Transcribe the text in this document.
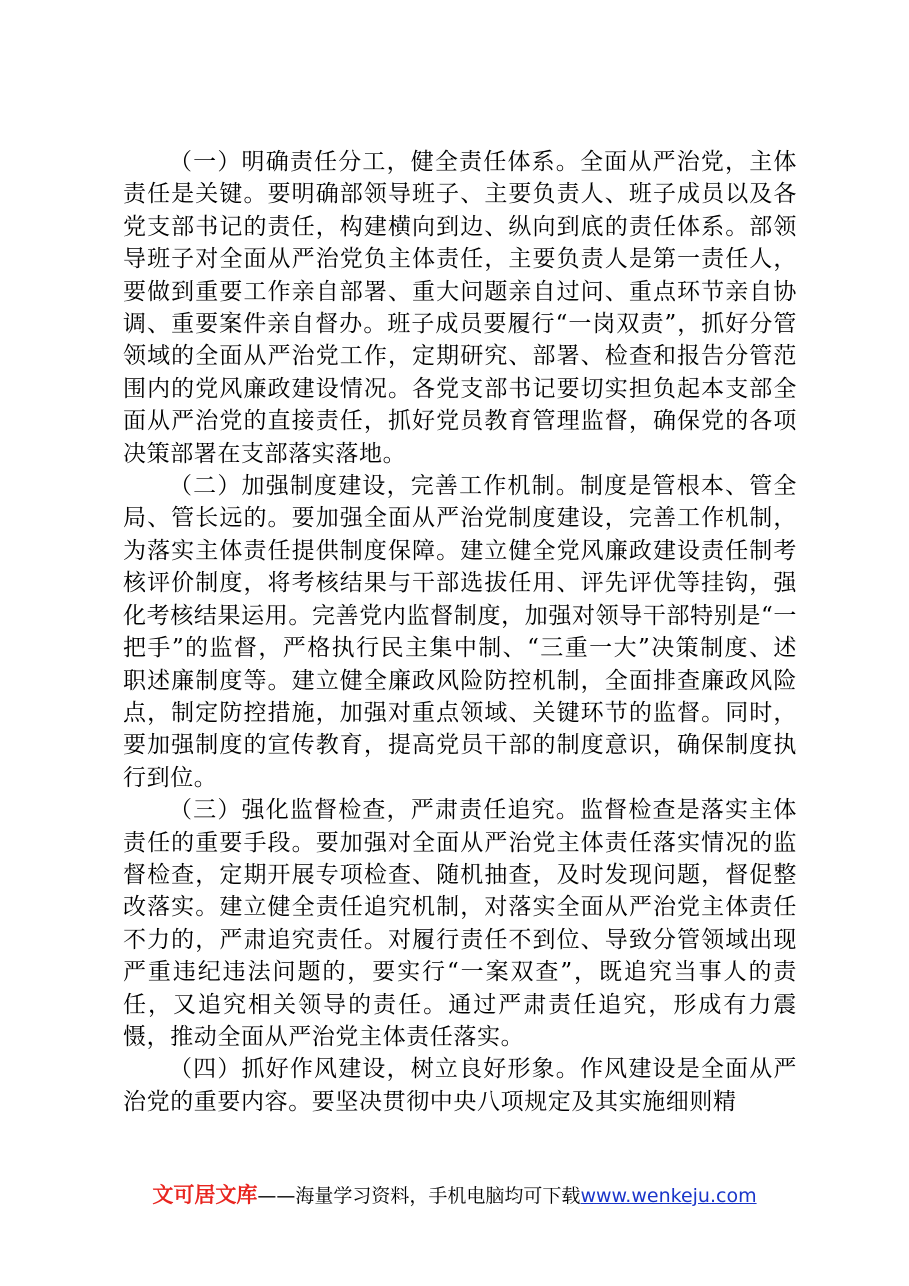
（一）明确责任分工，健全责任体系。全面从严治党，主体责任是关键。要明确部领导班子、主要负责人、班子成员以及各党支部书记的责任，构建横向到边、纵向到底的责任体系。部领导班子对全面从严治党负主体责任，主要负责人是第一责任人，要做到重要工作亲自部署、重大问题亲自过问、重点环节亲自协调、重要案件亲自督办。班子成员要履行“一岗双责”，抓好分管领域的全面从严治党工作，定期研究、部署、检查和报告分管范围内的党风廉政建设情况。各党支部书记要切实担负起本支部全面从严治党的直接责任，抓好党员教育管理监督，确保党的各项决策部署在支部落实落地。

（二）加强制度建设，完善工作机制。制度是管根本、管全局、管长远的。要加强全面从严治党制度建设，完善工作机制，为落实主体责任提供制度保障。建立健全党风廉政建设责任制考核评价制度，将考核结果与干部选拔任用、评先评优等挂钩，强化考核结果运用。完善党内监督制度，加强对领导干部特别是“一把手”的监督，严格执行民主集中制、“三重一大”决策制度、述职述廉制度等。建立健全廉政风险防控机制，全面排查廉政风险点，制定防控措施，加强对重点领域、关键环节的监督。同时，要加强制度的宣传教育，提高党员干部的制度意识，确保制度执行到位。

（三）强化监督检查，严肃责任追究。监督检查是落实主体责任的重要手段。要加强对全面从严治党主体责任落实情况的监督检查，定期开展专项检查、随机抽查，及时发现问题，督促整改落实。建立健全责任追究机制，对落实全面从严治党主体责任不力的，严肃追究责任。对履行责任不到位、导致分管领域出现严重违纪违法问题的，要实行“一案双查”，既追究当事人的责任，又追究相关领导的责任。通过严肃责任追究，形成有力震慑，推动全面从严治党主体责任落实。

（四）抓好作风建设，树立良好形象。作风建设是全面从严治党的重要内容。要坚决贯彻中央八项规定及其实施细则精

文可居文库——海量学习资料，手机电脑均可下载www.wenkeju.com
